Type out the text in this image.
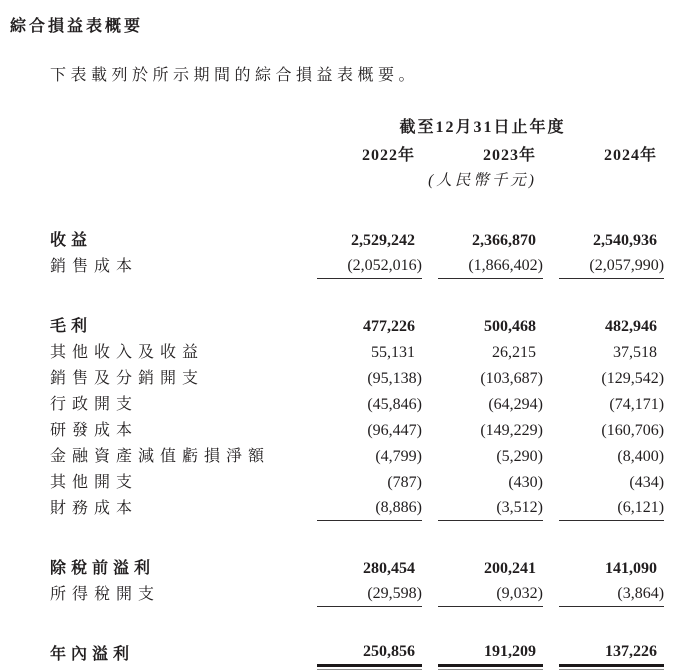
綜合損益表概要

下表載列於所示期間的綜合損益表概要。

	截至12月31日止年度		

	2022年	2023年	2024年

	(人民幣千元)		

收益	2,529,242	2,366,870	2,540,936

銷售成本	(2,052,016)	(1,866,402)	(2,057,990)

毛利	477,226	500,468	482,946

其他收入及收益	55,131	26,215	37,518

銷售及分銷開支	(95,138)	(103,687)	(129,542)

行政開支	(45,846)	(64,294)	(74,171)

研發成本	(96,447)	(149,229)	(160,706)

金融資產減值虧損淨額	(4,799)	(5,290)	(8,400)

其他開支	(787)	(430)	(434)

財務成本	(8,886)	(3,512)	(6,121)

除稅前溢利	280,454	200,241	141,090

所得稅開支	(29,598)	(9,032)	(3,864)

年內溢利	250,856	191,209	137,226
